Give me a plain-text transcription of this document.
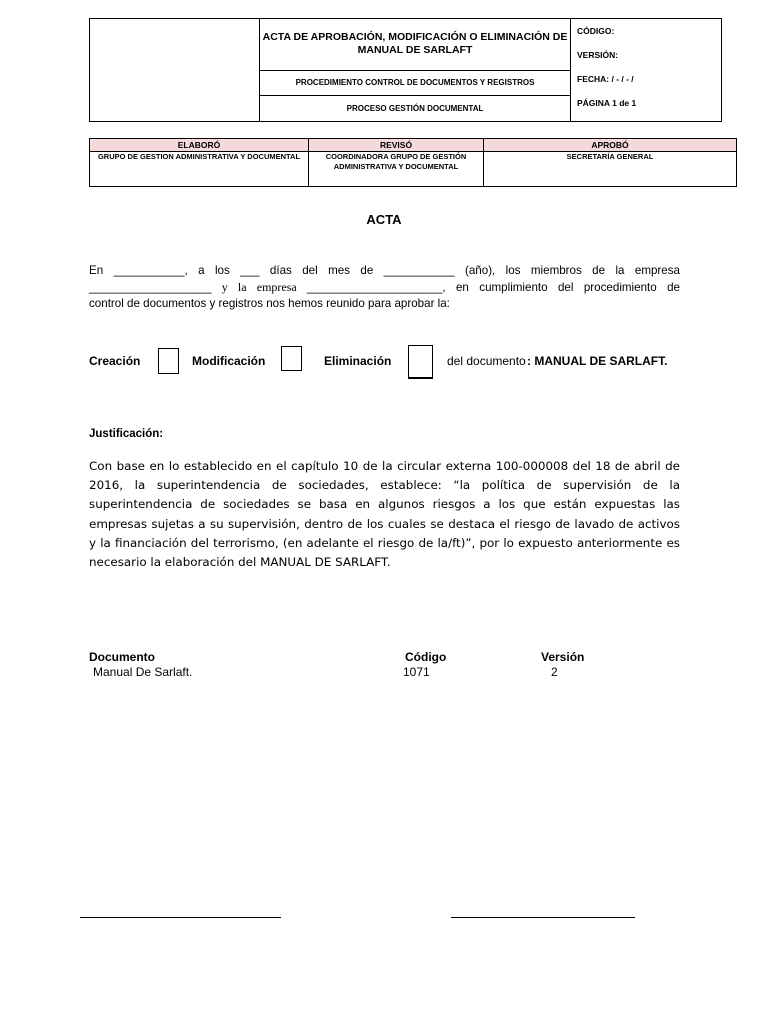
	ACTA DE APROBACIÓN, MODIFICACIÓN O ELIMINACIÓN DE MANUAL DE SARLAFT	
CÓDIGO:
VERSIÓN:
FECHA: / - / - /
PÁGINA 1 de 1

PROCEDIMIENTO CONTROL DE DOCUMENTOS Y REGISTROS
PROCESO GESTIÓN DOCUMENTAL
ELABORÓ	REVISÓ	APROBÓ
GRUPO DE GESTION ADMINISTRATIVA Y DOCUMENTAL	COORDINADORA GRUPO DE GESTIÓN ADMINISTRATIVA Y DOCUMENTAL	SECRETARÍA GENERAL
ACTA
En ___________, a los ___ días del mes de ___________ (año), los miembros de la empresa
___________________ y la empresa _____________________, en cumplimiento del procedimiento de
control de documentos y registros nos hemos reunido para aprobar la:
Creación	Modificación	Eliminación	del documento : MANUAL DE SARLAFT.
Justificación:
Con base en lo establecido en el capítulo 10 de la circular externa 100-000008 del 18 de abril de 2016, la superintendencia de sociedades, establece: “la política de supervisión de la superintendencia de sociedades se basa en algunos riesgos a los que están expuestas las empresas sujetas a su supervisión, dentro de los cuales se destaca el riesgo de lavado de activos y la financiación del terrorismo, (en adelante el riesgo de la/ft)”, por lo expuesto anteriormente es necesario la elaboración del MANUAL DE SARLAFT.
Documento	Código	Versión
Manual De Sarlaft.	1071	2
